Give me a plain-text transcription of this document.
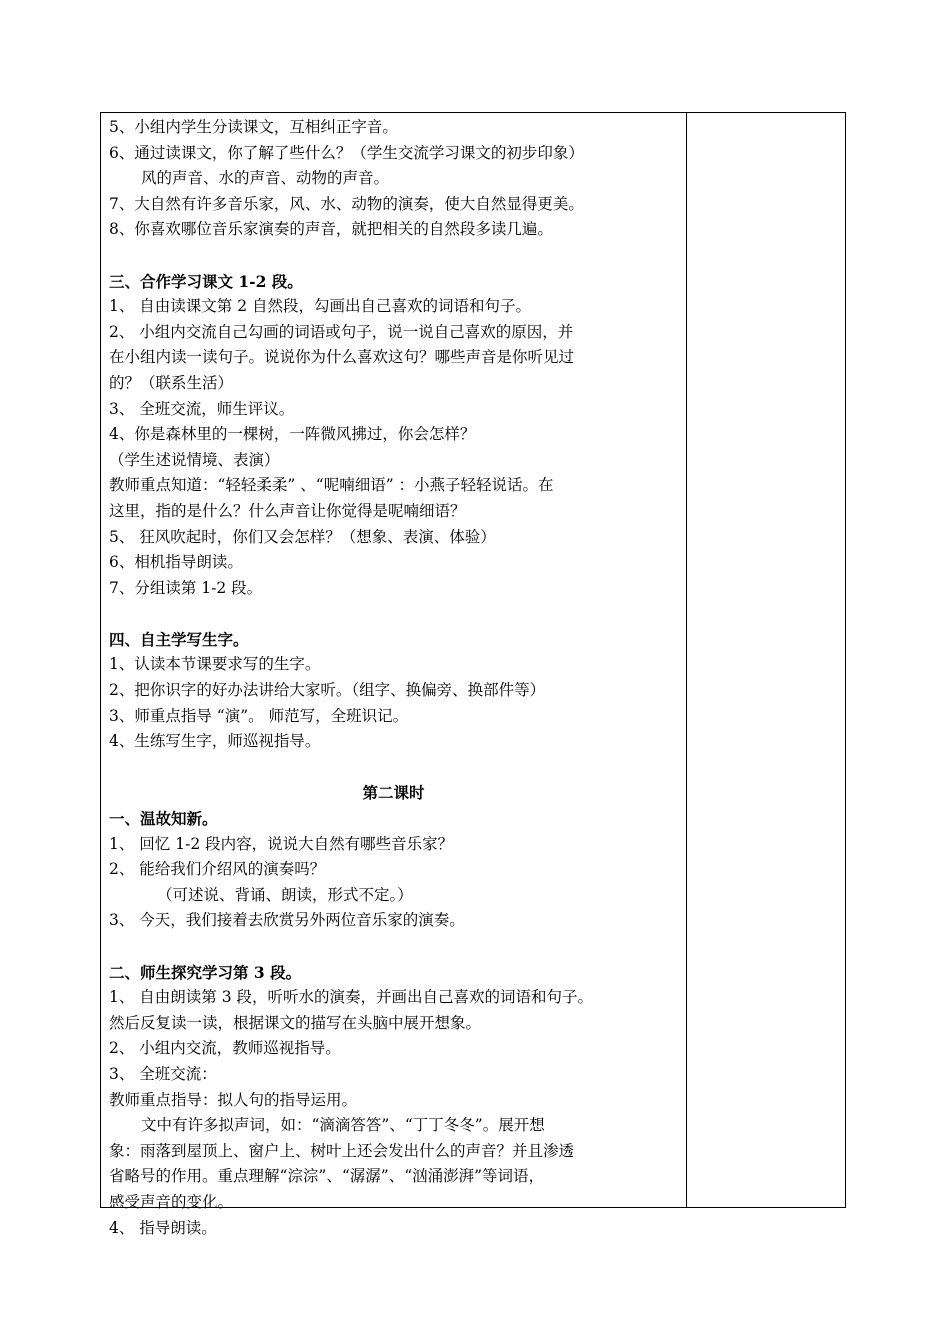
5、小组内学生分读课文，互相纠正字音。
6、通过读课文，你了解了些什么？（学生交流学习课文的初步印象）
风的声音、水的声音、动物的声音。
7、大自然有许多音乐家，风、水、动物的演奏，使大自然显得更美。
8、你喜欢哪位音乐家演奏的声音，就把相关的自然段多读几遍。
三、合作学习课文 1-2 段。
1、 自由读课文第 2 自然段，勾画出自己喜欢的词语和句子。
2、 小组内交流自己勾画的词语或句子，说一说自己喜欢的原因，并
在小组内读一读句子。说说你为什么喜欢这句？哪些声音是你听见过
的？（联系生活）
3、 全班交流，师生评议。
4、你是森林里的一棵树，一阵微风拂过，你会怎样？
（学生述说情境、表演）
教师重点知道：“轻轻柔柔” 、“呢喃细语” ：小燕子轻轻说话。在
这里，指的是什么？什么声音让你觉得是呢喃细语？
5、 狂风吹起时，你们又会怎样？（想象、表演、体验）
6、相机指导朗读。
7、分组读第 1-2 段。
四、自主学写生字。
1、认读本节课要求写的生字。
2、把你识字的好办法讲给大家听。（组字、换偏旁、换部件等）
3、师重点指导 “演”。 师范写，全班识记。
4、生练写生字，师巡视指导。
第二课时
一、温故知新。
1、 回忆 1-2 段内容，说说大自然有哪些音乐家？
2、 能给我们介绍风的演奏吗？
（可述说、背诵、朗读，形式不定。）
3、 今天，我们接着去欣赏另外两位音乐家的演奏。
二、师生探究学习第 3 段。
1、 自由朗读第 3 段，听听水的演奏，并画出自己喜欢的词语和句子。
然后反复读一读，根据课文的描写在头脑中展开想象。
2、 小组内交流，教师巡视指导。
3、 全班交流：
教师重点指导：拟人句的指导运用。
文中有许多拟声词，如：“滴滴答答”、“丁丁冬冬”。展开想
象：雨落到屋顶上、窗户上、树叶上还会发出什么的声音？并且渗透
省略号的作用。重点理解“淙淙”、“潺潺”、“汹涌澎湃”等词语，
感受声音的变化。
4、 指导朗读。
